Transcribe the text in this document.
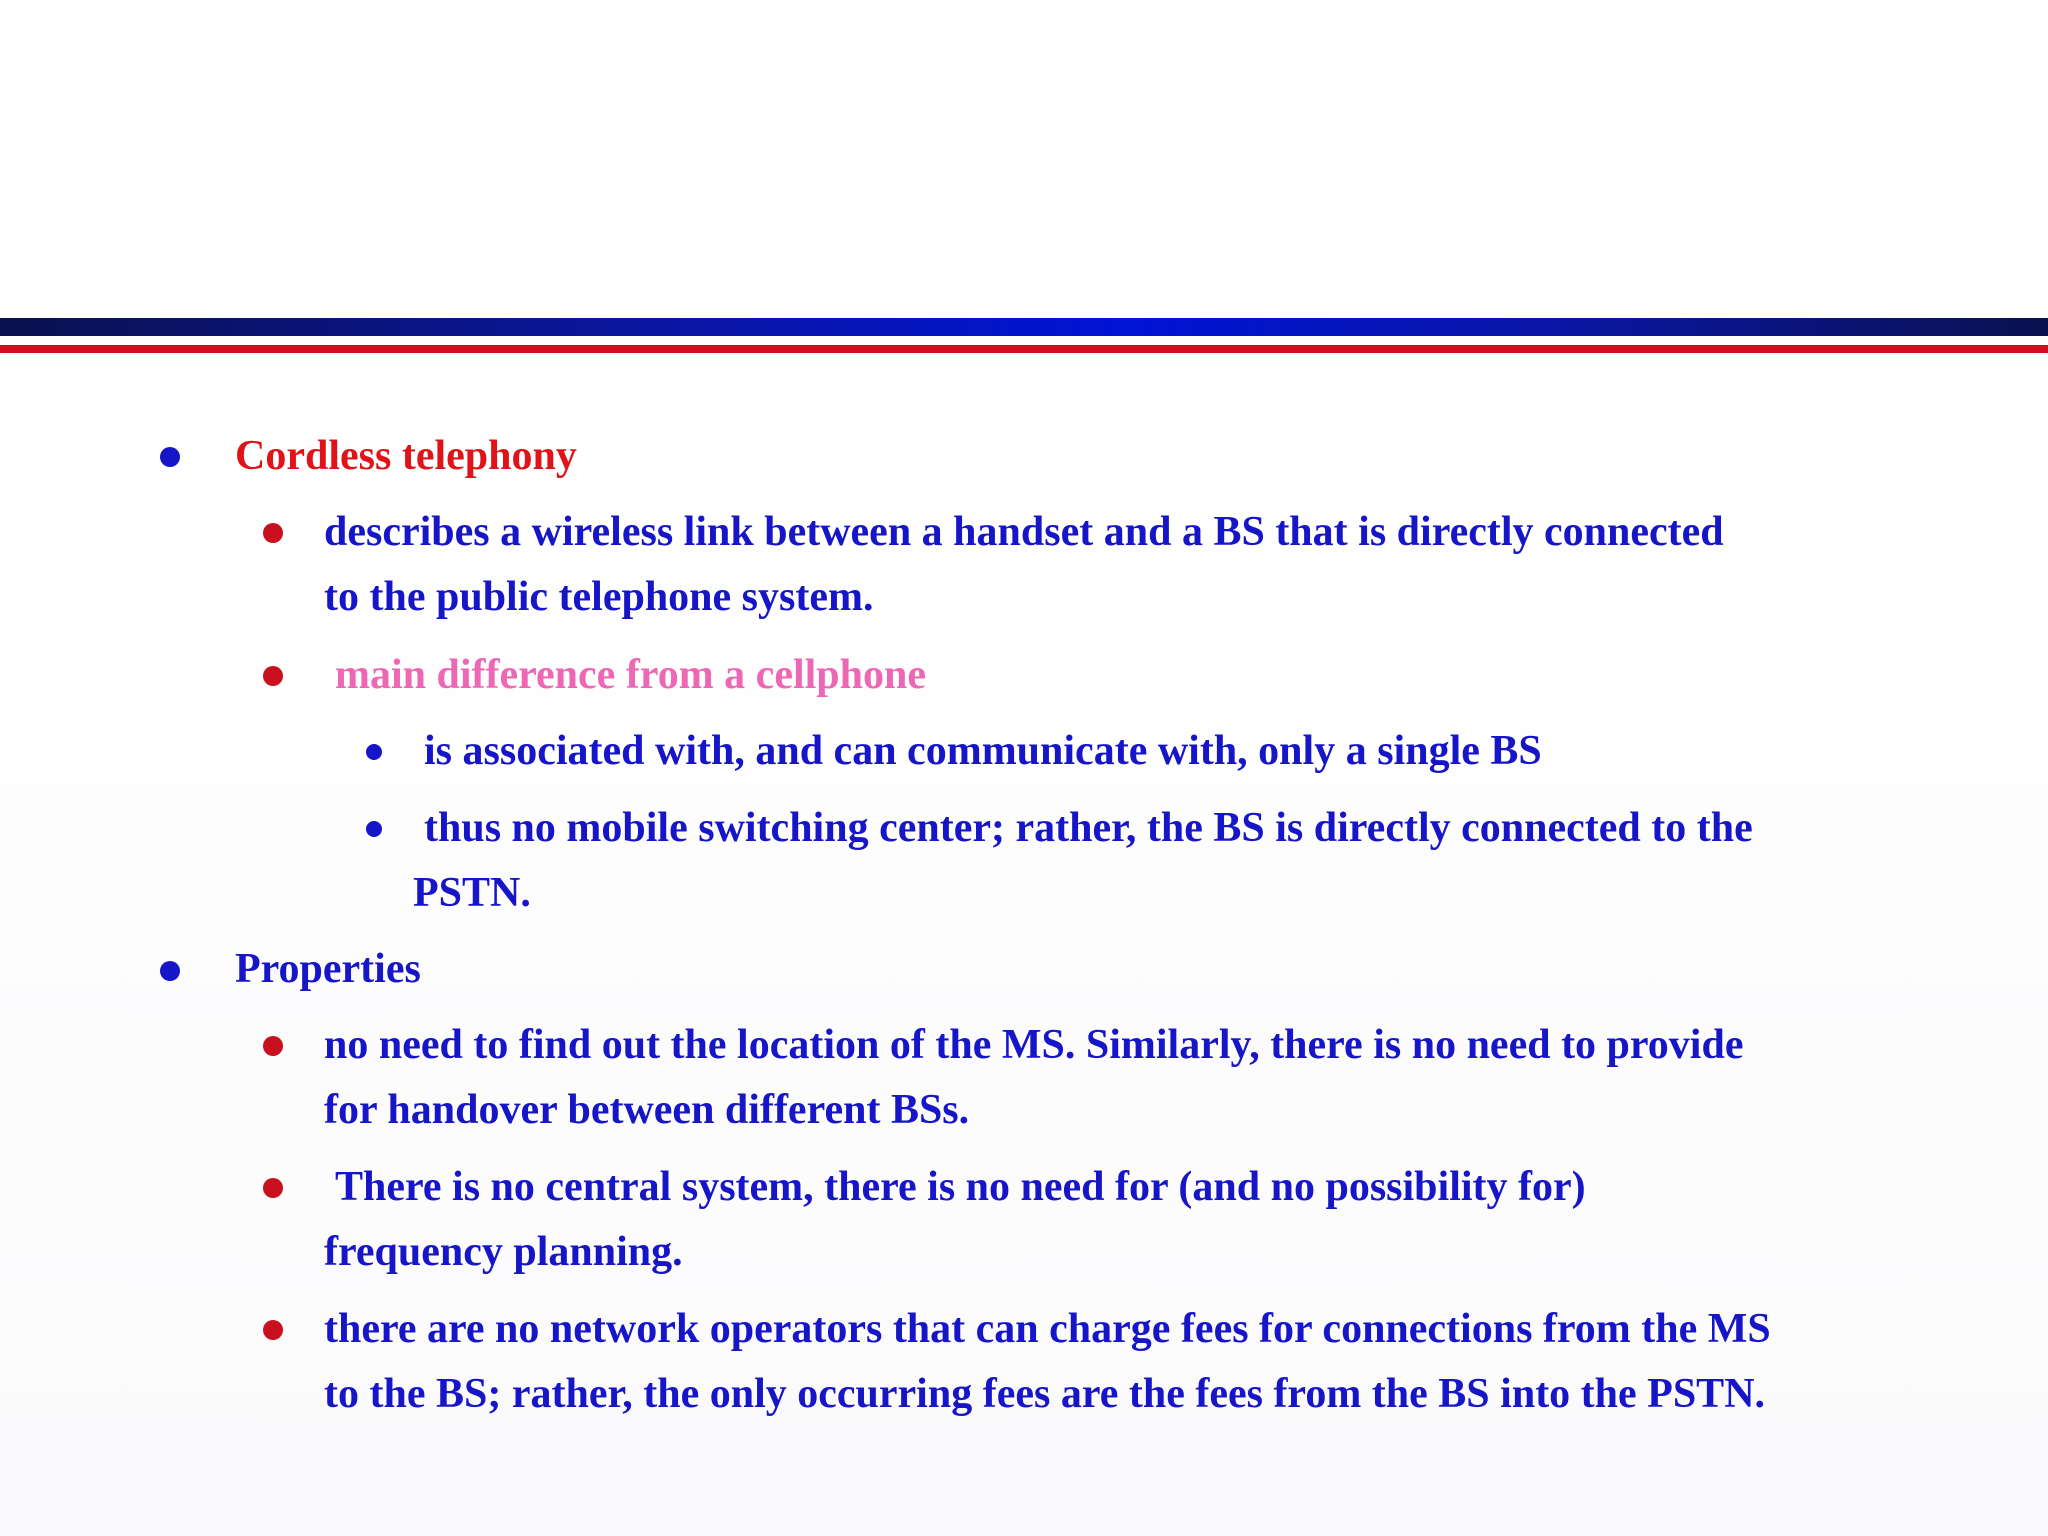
Cordless telephony
describes a wireless link between a handset and a BS that is directly connected
to the public telephone system.
main difference from a cellphone
is associated with, and can communicate with, only a single BS
thus no mobile switching center; rather, the BS is directly connected to the
PSTN.
Properties
no need to find out the location of the MS. Similarly, there is no need to provide
for handover between different BSs.
There is no central system, there is no need for (and no possibility for)
frequency planning.
there are no network operators that can charge fees for connections from the MS
to the BS; rather, the only occurring fees are the fees from the BS into the PSTN.
